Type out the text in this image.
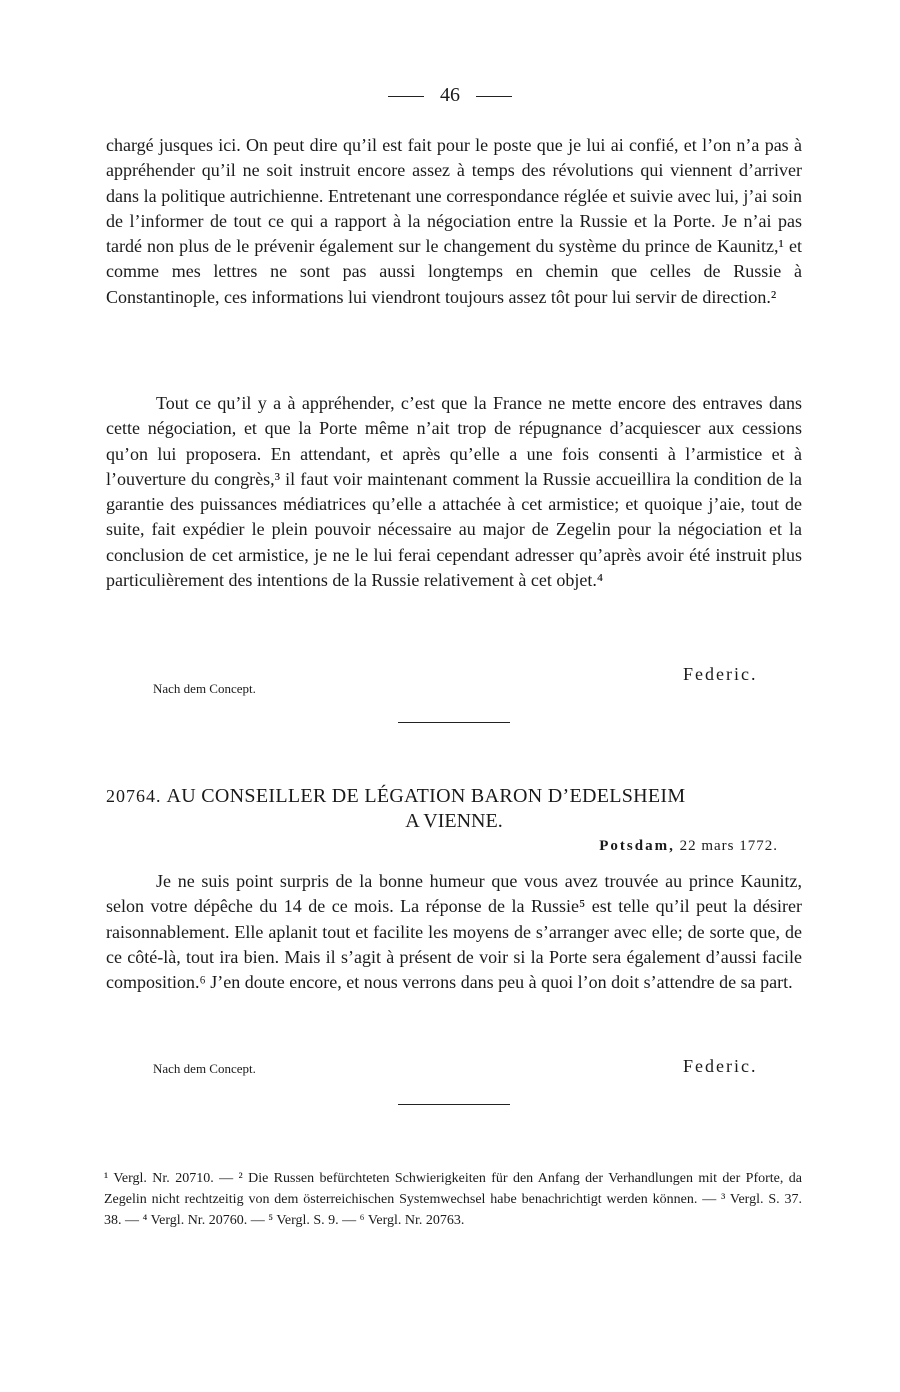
46

chargé jusques ici. On peut dire qu’il est fait pour le poste que je lui ai confié, et l’on n’a pas à appréhender qu’il ne soit instruit encore assez à temps des révolutions qui viennent d’arriver dans la politique autrichienne. Entretenant une correspondance réglée et suivie avec lui, j’ai soin de l’informer de tout ce qui a rapport à la négociation entre la Russie et la Porte. Je n’ai pas tardé non plus de le prévenir également sur le changement du système du prince de Kaunitz,¹ et comme mes lettres ne sont pas aussi longtemps en chemin que celles de Russie à Constantinople, ces informations lui viendront toujours assez tôt pour lui servir de direction.²

Tout ce qu’il y a à appréhender, c’est que la France ne mette encore des entraves dans cette négociation, et que la Porte même n’ait trop de répugnance d’acquiescer aux cessions qu’on lui proposera. En attendant, et après qu’elle a une fois consenti à l’armistice et à l’ouverture du congrès,³ il faut voir maintenant comment la Russie accueillira la condition de la garantie des puissances médiatrices qu’elle a attachée à cet armistice; et quoique j’aie, tout de suite, fait expédier le plein pouvoir nécessaire au major de Zegelin pour la négociation et la conclusion de cet armistice, je ne le lui ferai cependant adresser qu’après avoir été instruit plus particulièrement des intentions de la Russie relativement à cet objet.⁴

Federic.
Nach dem Concept.
20764. AU CONSEILLER DE LÉGATION BARON D’EDELSHEIM
A VIENNE.
Potsdam, 22 mars 1772.

Je ne suis point surpris de la bonne humeur que vous avez trouvée au prince Kaunitz, selon votre dépêche du 14 de ce mois. La réponse de la Russie⁵ est telle qu’il peut la désirer raisonnablement. Elle aplanit tout et facilite les moyens de s’arranger avec elle; de sorte que, de ce côté-là, tout ira bien. Mais il s’agit à présent de voir si la Porte sera également d’aussi facile composition.⁶ J’en doute encore, et nous verrons dans peu à quoi l’on doit s’attendre de sa part.

Nach dem Concept.	Federic.

¹ Vergl. Nr. 20710. — ² Die Russen befürchteten Schwierigkeiten für den Anfang der Verhandlungen mit der Pforte, da Zegelin nicht rechtzeitig von dem österreichischen Systemwechsel habe benachrichtigt werden können. — ³ Vergl. S. 37. 38. — ⁴ Vergl. Nr. 20760. — ⁵ Vergl. S. 9. — ⁶ Vergl. Nr. 20763.
